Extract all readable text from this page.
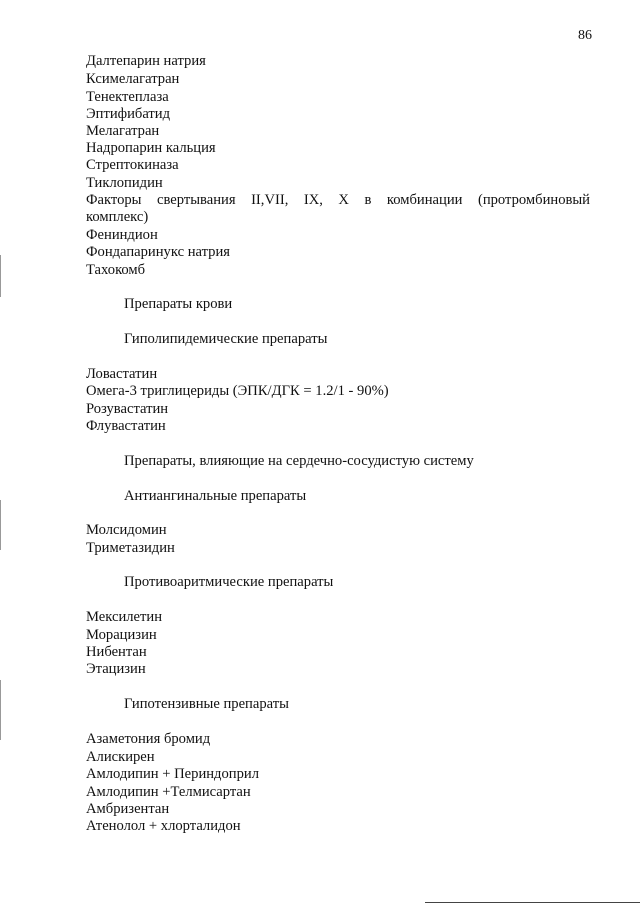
86
Далтепарин натрия
Ксимелагатран
Тенектеплаза
Эптифибатид
Мелагатран
Надропарин кальция
Стрептокиназа
Тиклопидин
Факторы свертывания II,VII, IX, X в комбинации (протромбиновый
комплекс)
Фениндион
Фондапаринукс натрия
Тахокомб
Препараты крови
Гиполипидемические препараты
Ловастатин
Омега-3 триглицериды (ЭПК/ДГК = 1.2/1 - 90%)
Розувастатин
Флувастатин
Препараты, влияющие на сердечно-сосудистую систему
Антиангинальные препараты
Молсидомин
Триметазидин
Противоаритмические препараты
Мексилетин
Морацизин
Нибентан
Этацизин
Гипотензивные препараты
Азаметония бромид
Алискирен
Амлодипин + Периндоприл
Амлодипин +Телмисартан
Амбризентан
Атенолол + хлорталидон
